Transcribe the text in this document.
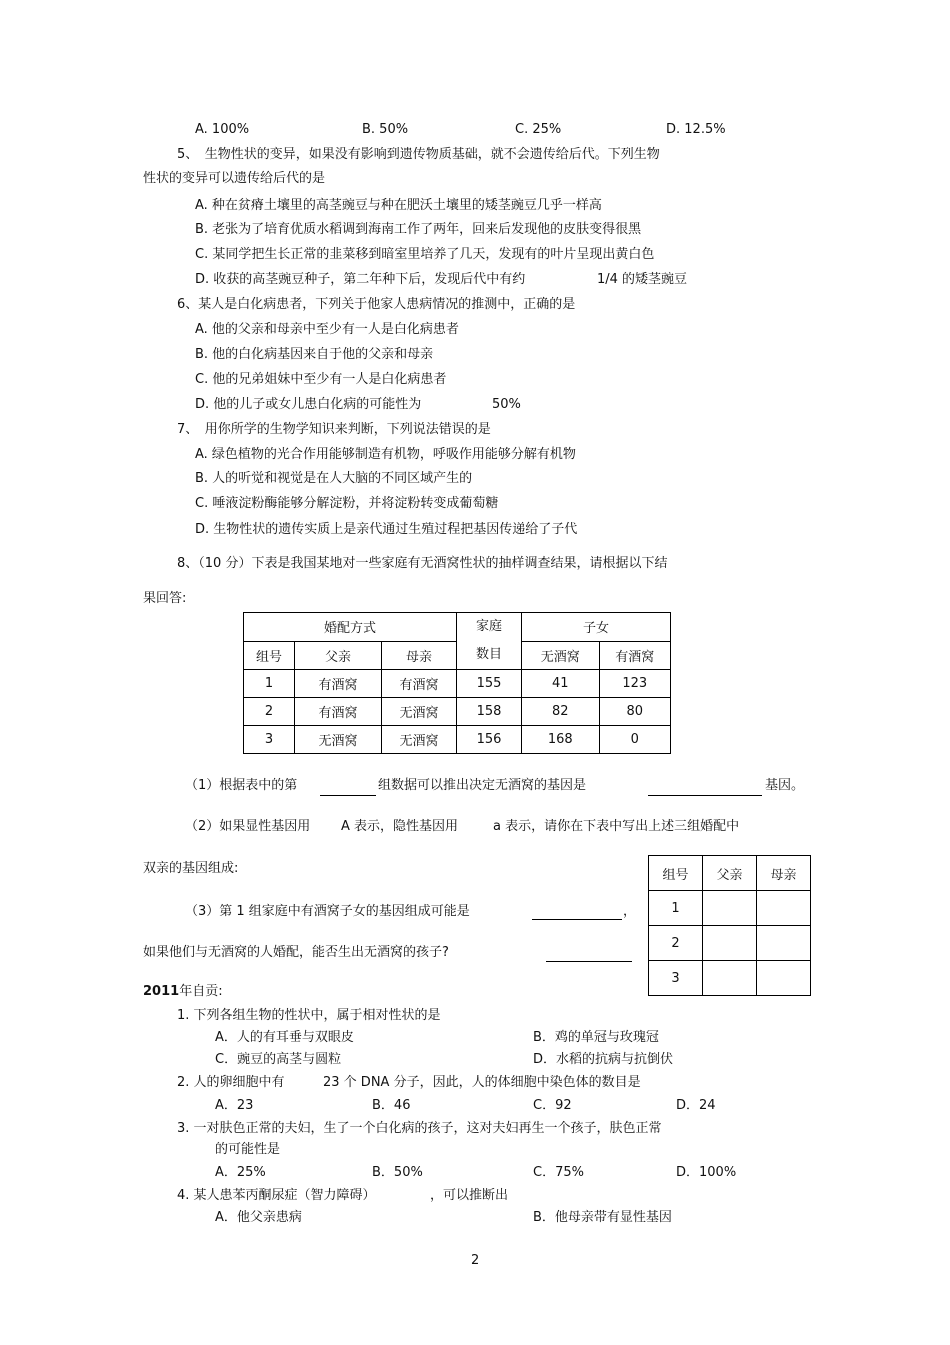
A. 100%	B. 50%	C. 25%	D. 12.5%
5、　生物性状的变异，如果没有影响到遗传物质基础，就不会遗传给后代。下列生物
性状的变异可以遗传给后代的是
A. 种在贫瘠土壤里的高茎豌豆与种在肥沃土壤里的矮茎豌豆几乎一样高
B. 老张为了培育优质水稻调到海南工作了两年，回来后发现他的皮肤变得很黑
C. 某同学把生长正常的韭菜移到暗室里培养了几天，发现有的叶片呈现出黄白色
D. 收获的高茎豌豆种子，第二年种下后，发现后代中有约	1/4 的矮茎豌豆
6、某人是白化病患者，下列关于他家人患病情况的推测中，正确的是
A. 他的父亲和母亲中至少有一人是白化病患者
B. 他的白化病基因来自于他的父亲和母亲
C. 他的兄弟姐妹中至少有一人是白化病患者
D. 他的儿子或女儿患白化病的可能性为	50%
7、　用你所学的生物学知识来判断，下列说法错误的是
A. 绿色植物的光合作用能够制造有机物，呼吸作用能够分解有机物
B. 人的听觉和视觉是在人大脑的不同区域产生的
C. 唾液淀粉酶能够分解淀粉，并将淀粉转变成葡萄糖
D. 生物性状的遗传实质上是亲代通过生殖过程把基因传递给了子代
8、（10 分）下表是我国某地对一些家庭有无酒窝性状的抽样调查结果，请根据以下结
果回答:
婚配方式			家庭
数目	子女	
组号	父亲	母亲		无酒窝	有酒窝
1	有酒窝	有酒窝	155	41	123
2	有酒窝	无酒窝	158	82	80
3	无酒窝	无酒窝	156	168	0
（1）根据表中的第	组数据可以推出决定无酒窝的基因是	基因。
（2）如果显性基因用 A 表示，隐性基因用	a 表示，请你在下表中写出上述三组婚配中
双亲的基因组成:	组号	父亲	母亲
1		
2		
3		
（3）第 1 组家庭中有酒窝子女的基因组成可能是	，
如果他们与无酒窝的人婚配，能否生出无酒窝的孩子?
2011年自贡:
1. 下列各组生物的性状中，属于相对性状的是
A．人的有耳垂与双眼皮	B．鸡的单冠与玫瑰冠
C．豌豆的高茎与圆粒	D．水稻的抗病与抗倒伏
2. 人的卵细胞中有	23 个 DNA 分子，因此，人的体细胞中染色体的数目是
A．23	B．46	C．92	D．24
3. 一对肤色正常的夫妇，生了一个白化病的孩子，这对夫妇再生一个孩子，肤色正常
的可能性是
A．25%	B．50%	C．75%	D．100%
4. 某人患苯丙酮尿症（智力障碍）	，可以推断出
A．他父亲患病	B．他母亲带有显性基因
2
